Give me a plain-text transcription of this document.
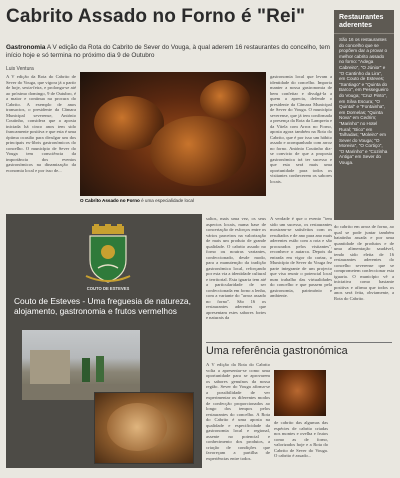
Cabrito Assado no Forno é "Rei"
Gastronomia A V edição da Rota do Cabrito de Sever do Vouga, à qual aderem 16 restaurantes do concelho, tem início hoje e só termina no próximo dia 9 de Outubro
Luis Ventura

A V edição da Rota do Cabrito de Sever do Vouga, que vigora já a partir de hoje, sexta-feira, e prolonga-se até ao próximo domingo, 9 de Outubro, é a maior e continua na procura do Cabrito. A exemplo de anos transactos, o presidente da Câmara Municipal severense, António Coutinho, considera que a aposta iniciada há cinco anos tem sido francamente positiva e que esta é uma óptima ocasião para divulgar um dos principais ex-libris gastronómicos do concelho. O município de Sever do Vouga tem consciência da importância dos eventos gastronómicos na dinamização da economia local e por isso de...

O Cabrito Assado no Forno é uma especialidade local

gastronomia local que levam a identidade do concelho. Importa manter a nossa gastronomia de bem confeitar e divulgá-la a quem a aprecia, defende o presidente da Câmara Municipal de Sever do Vouga. O município severense, que já tem confirmada a presença da Rota da Lampreia e da Vitela com Arroz no Forno, aposta agora também na Rota do Cabrito, que é por isso um hábito assado e acompanhado com arroz no forno. António Coutinho diz-se convicto de que a proposta gastronómica irá ter sucesso e que esta será mais uma oportunidade para todos os visitantes conhecerem os sabores locais.

Restaurantes aderentes
São 16 os restaurantes do concelho que se propõem dar a provar o melhor cabrito assado no forno: "Adega Cabreiro", "O Júnior" e "O Cantinho da Lira", em Couto de Esteves; "Santiago" e "Quinta do Barco", em Pessegueiro do Vouga; "Cruz Pinto", em Silva Escura; "O Quintal" e "Fontainha", em Dornelas; "Quinta Nova" em Cedrim; "Marinho" no Hotel Rural; "Bico" em Talhadas; "Moleiro" em Sever do Vouga; "O Moreira", "O Cortiço", "O Marinho" e "Cozinha Antiga" em Sever do Vouga.
COUTO DE ESTEVES
Couto de Esteves - Uma freguesia de natureza, alojamento, gastronomia e frutos vermelhos

saltos, mais uma vez, os seus aspectos locais, numa base de concertação de esforços entre os vários parceiros na valorização de mais um produto de grande qualidade. O cabrito assado no forno ou noutras variantes, confeccionado, desde modo, para a manutenção da tradição gastronómica local, reforçando por esta via a identidade cultural e territorial. Esta iguaria tem até a particularidade de ser confeccionada em forno a lenha, com a variante do "arroz assado no forno". São 16 os restaurantes aderentes que apresentam estes sabores fortes e naturais da

A verdade é que o evento "tem sido um sucesso, os restaurantes mostram-se satisfeitos com os resultados e de ano para ano mais aderentes estão com a rota e são procurados pelos visitantes", reconhece o autarca. Depois da entrada em vigor do cartaz, o Município de Sever do Vouga fez parte integrante de um projecto que visa reunir o potencial local num trabalho das virtualidades do concelho e que passem pela gastronomia, património e ambiente.

do cabrito em arroz de forno, ao qual se pode juntar também batatinha assada e por uma quantidade de produtos e de uma alimentação saudável, tendo sido eleita de 16 restaurantes aderentes do concelho severense que se comprometem confeccionar esta iguaria. O município vê a iniciativa como bastante positiva e afirma que todos os anos será feita, obviamente, a Rota do Cabrito.

Uma referência gastronómica

A V edição da Rota do Cabrito volta a apresentar-se como uma oportunidade para se aprovarem os sabores genuínos da nossa região. Sever do Vouga afirma-se a possibilidade de ver experimentar os diferentes modos de confecção proporcionados ao longo dos tempos pelos restaurantes do concelho. A Rota do Cabrito é uma aposta na qualidade e especificidade da gastronomia local e regional, assente no potencial e conhecimento dos produtos, a criação de condições que favoreçam a partilha de experiências entre todos.

de cabrito das algumas das espécies de cabrito criadas nos montes e ovelha e frutos como as de forno, valorizados hoje e a Rota do Cabrito de Sever do Vouga. O cabrito é assado...
